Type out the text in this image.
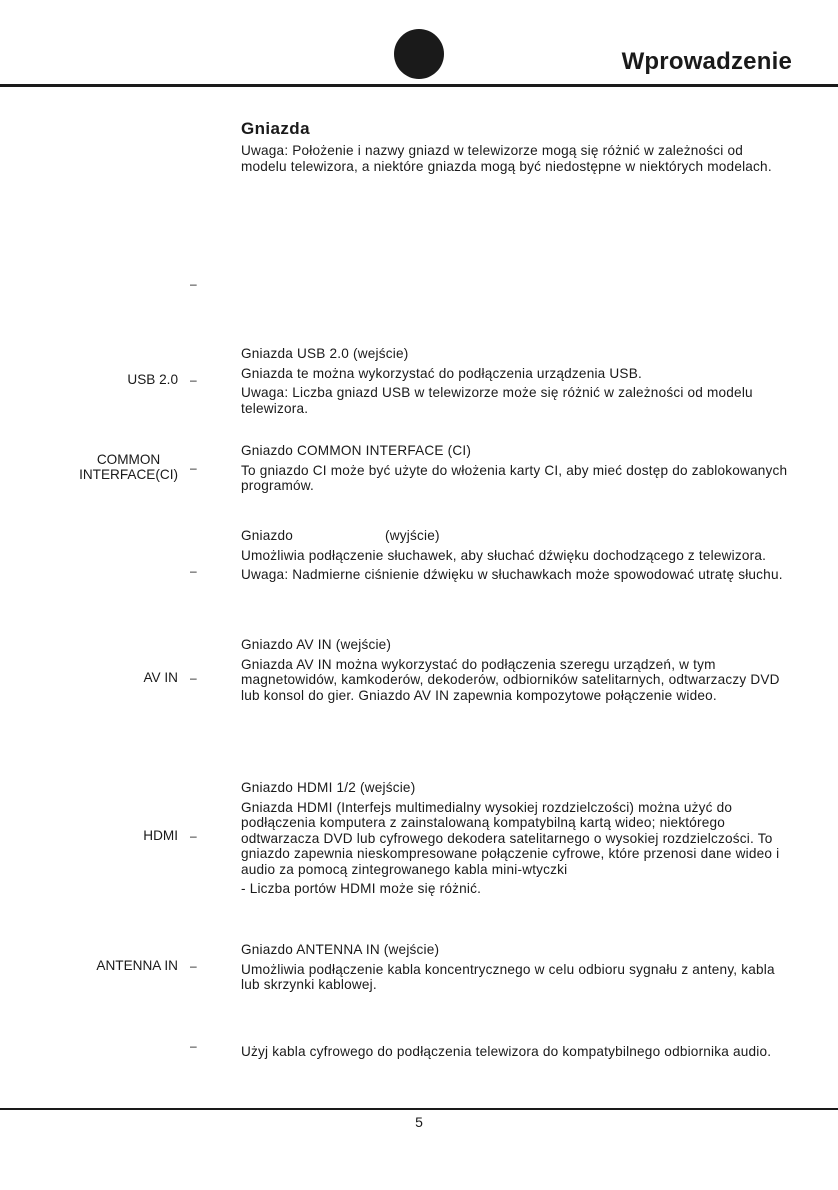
Wprowadzenie
Gniazda

Uwaga: Położenie i nazwy gniazd w telewizorze mogą się różnić w zależności od modelu telewizora, a niektóre gniazda mogą być niedostępne w niektórych modelach.

–
USB 2.0 –

Gniazda USB 2.0 (wejście)

Gniazda te można wykorzystać do podłączenia urządzenia USB.

Uwaga: Liczba gniazd USB w telewizorze może się różnić w zależności od modelu telewizora.

COMMON
INTERFACE(CI) –

Gniazdo COMMON INTERFACE (CI)

To gniazdo CI może być użyte do włożenia karty CI, aby mieć dostęp do zablokowanych programów.

–

Gniazdo	(wyjście)

Umożliwia podłączenie słuchawek, aby słuchać dźwięku dochodzącego z telewizora.

Uwaga: Nadmierne ciśnienie dźwięku w słuchawkach może spowodować utratę słuchu.

AV IN –

Gniazdo AV IN (wejście)

Gniazda AV IN można wykorzystać do podłączenia szeregu urządzeń, w tym magnetowidów, kamkoderów, dekoderów, odbiorników satelitarnych, odtwarzaczy DVD lub konsol do gier. Gniazdo AV IN zapewnia kompozytowe połączenie wideo.

HDMI –

Gniazdo HDMI 1/2 (wejście)

Gniazda HDMI (Interfejs multimedialny wysokiej rozdzielczości) można użyć do podłączenia komputera z zainstalowaną kompatybilną kartą wideo; niektórego odtwarzacza DVD lub cyfrowego dekodera satelitarnego o wysokiej rozdzielczości. To gniazdo zapewnia nieskompresowane połączenie cyfrowe, które przenosi dane wideo i audio za pomocą zintegrowanego kabla mini-wtyczki

- Liczba portów HDMI może się różnić.

ANTENNA IN –

Gniazdo ANTENNA IN (wejście)

Umożliwia podłączenie kabla koncentrycznego w celu odbioru sygnału z anteny, kabla lub skrzynki kablowej.

–	Użyj kabla cyfrowego do podłączenia telewizora do kompatybilnego odbiornika audio.

5
